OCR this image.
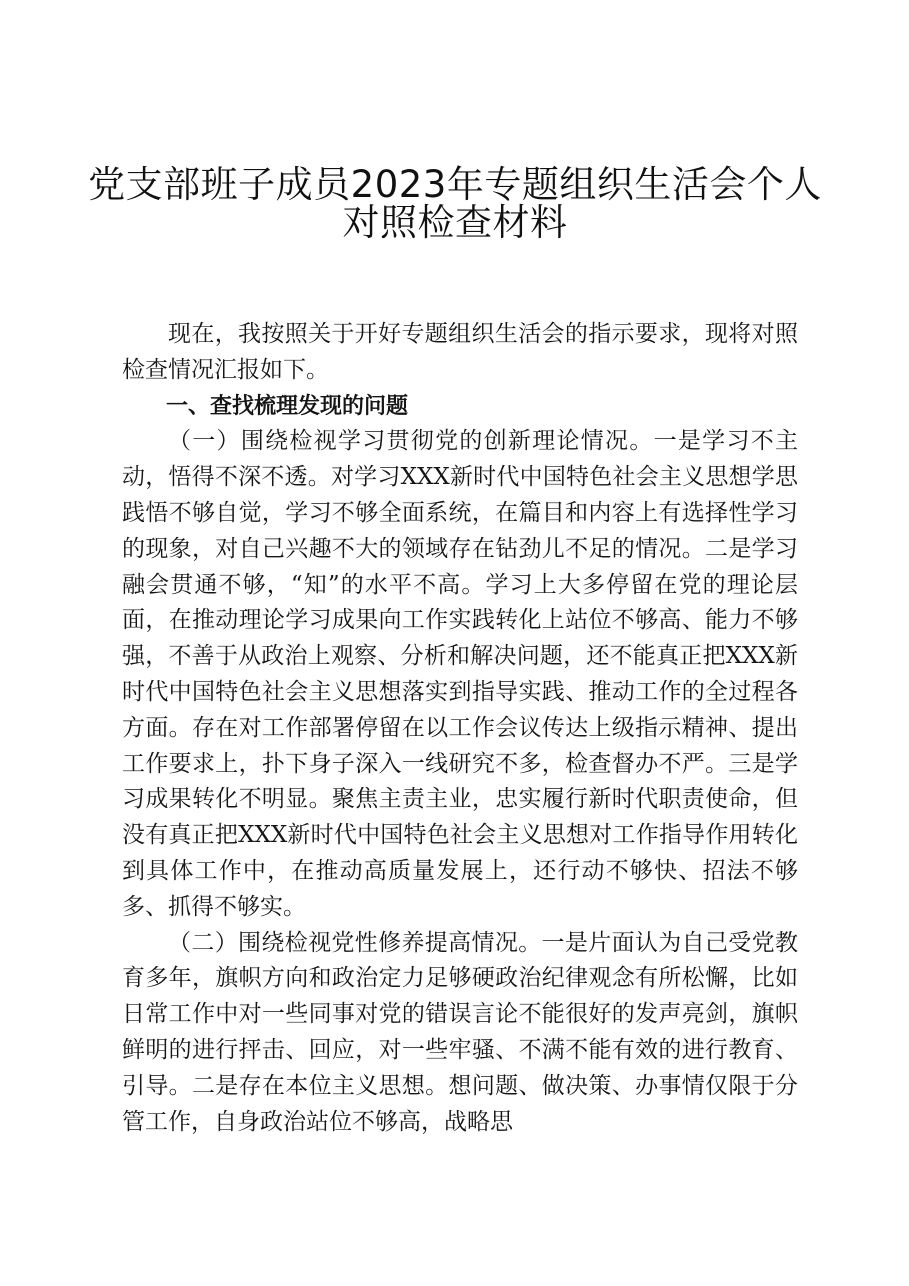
党支部班子成员2023年专题组织生活会个人
对照检查材料

现在，我按照关于开好专题组织生活会的指示要求，现将对照检查情况汇报如下。

一、查找梳理发现的问题

（一）围绕检视学习贯彻党的创新理论情况。一是学习不主动，悟得不深不透。对学习XXX新时代中国特色社会主义思想学思践悟不够自觉，学习不够全面系统，在篇目和内容上有选择性学习的现象，对自己兴趣不大的领域存在钻劲儿不足的情况。二是学习融会贯通不够，“知”的水平不高。学习上大多停留在党的理论层面，在推动理论学习成果向工作实践转化上站位不够高、能力不够强，不善于从政治上观察、分析和解决问题，还不能真正把XXX新时代中国特色社会主义思想落实到指导实践、推动工作的全过程各方面。存在对工作部署停留在以工作会议传达上级指示精神、提出工作要求上，扑下身子深入一线研究不多，检查督办不严。三是学习成果转化不明显。聚焦主责主业，忠实履行新时代职责使命，但没有真正把XXX新时代中国特色社会主义思想对工作指导作用转化到具体工作中，在推动高质量发展上，还行动不够快、招法不够多、抓得不够实。

（二）围绕检视党性修养提高情况。一是片面认为自己受党教育多年，旗帜方向和政治定力足够硬政治纪律观念有所松懈，比如日常工作中对一些同事对党的错误言论不能很好的发声亮剑，旗帜鲜明的进行抨击、回应，对一些牢骚、不满不能有效的进行教育、引导。二是存在本位主义思想。想问题、做决策、办事情仅限于分管工作，自身政治站位不够高，战略思
